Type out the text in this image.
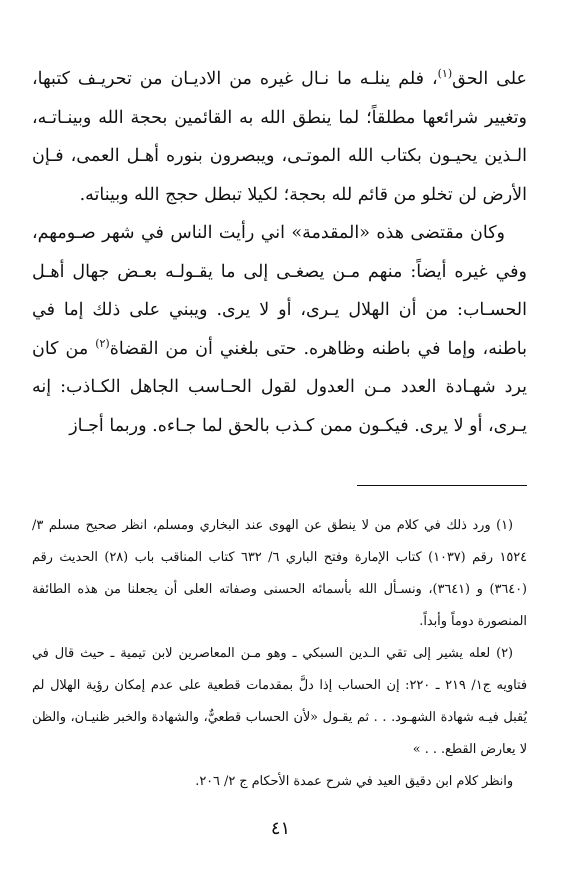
على الحق$^{(١)}$، فلم ينلـه ما نـال غيره من الاديـان من تحريـف كتبها، وتغيير شرائعها مطلقاً؛ لما ينطق الله به القائمين بحجة الله وبينـاتـه، الـذين يحيـون بكتاب الله الموتـى، ويبصرون بنوره أهـل العمى، فـإن الأرض لن تخلو من قائم لله بحجة؛ لكيلا تبطل حجج الله وبيناته.

وكان مقتضى هذه «المقدمة» اني رأيت الناس في شهر صـومهم، وفي غيره أيضاً: منهم مـن يصغـى إلى ما يقـولـه بعـض جهال أهـل الحسـاب: من أن الهلال يـرى، أو لا يرى. ويبني على ذلك إما في باطنه، وإما في باطنه وظاهره. حتى بلغني أن من القضاة$^{(٢)}$ من كان يرد شهـادة العدد مـن العدول لقول الحـاسب الجاهل الكـاذب: إنه يـرى، أو لا يرى. فيكـون ممن كـذب بالحق لما جـاءه. وربما أجـاز

(١) ورد ذلك في كلام من لا ينطق عن الهوى عند البخاري ومسلم، انظر صحيح مسلم ٣/ ١٥٢٤ رقم (١٠٣٧) كتاب الإمارة وفتح الباري ٦/ ٦٣٢ كتاب المناقب باب (٢٨) الحديث رقم (٣٦٤٠) و (٣٦٤١)، ونسـأل الله بأسمائه الحسنى وصفاته العلى أن يجعلنا من هذه الطائفة المنصورة دوماً وأبداً.

(٢) لعله يشير إلى تقي الـدين السبكي ـ وهو مـن المعاصرين لابن تيمية ـ حيث قال في فتاويه ج١/ ٢١٩ ـ ٢٢٠: إن الحساب إذا دلَّ بمقدمات قطعية على عدم إمكان رؤية الهلال لم يُقبل فيـه شهادة الشهـود. . . ثم يقـول «لأن الحساب قطعيٌّ، والشهادة والخبر ظنيـان، والظن لا يعارض القطع. . . »

وانظر كلام ابن دقيق العيد في شرح عمدة الأحكام ج ٢/ ٢٠٦.

٤١
